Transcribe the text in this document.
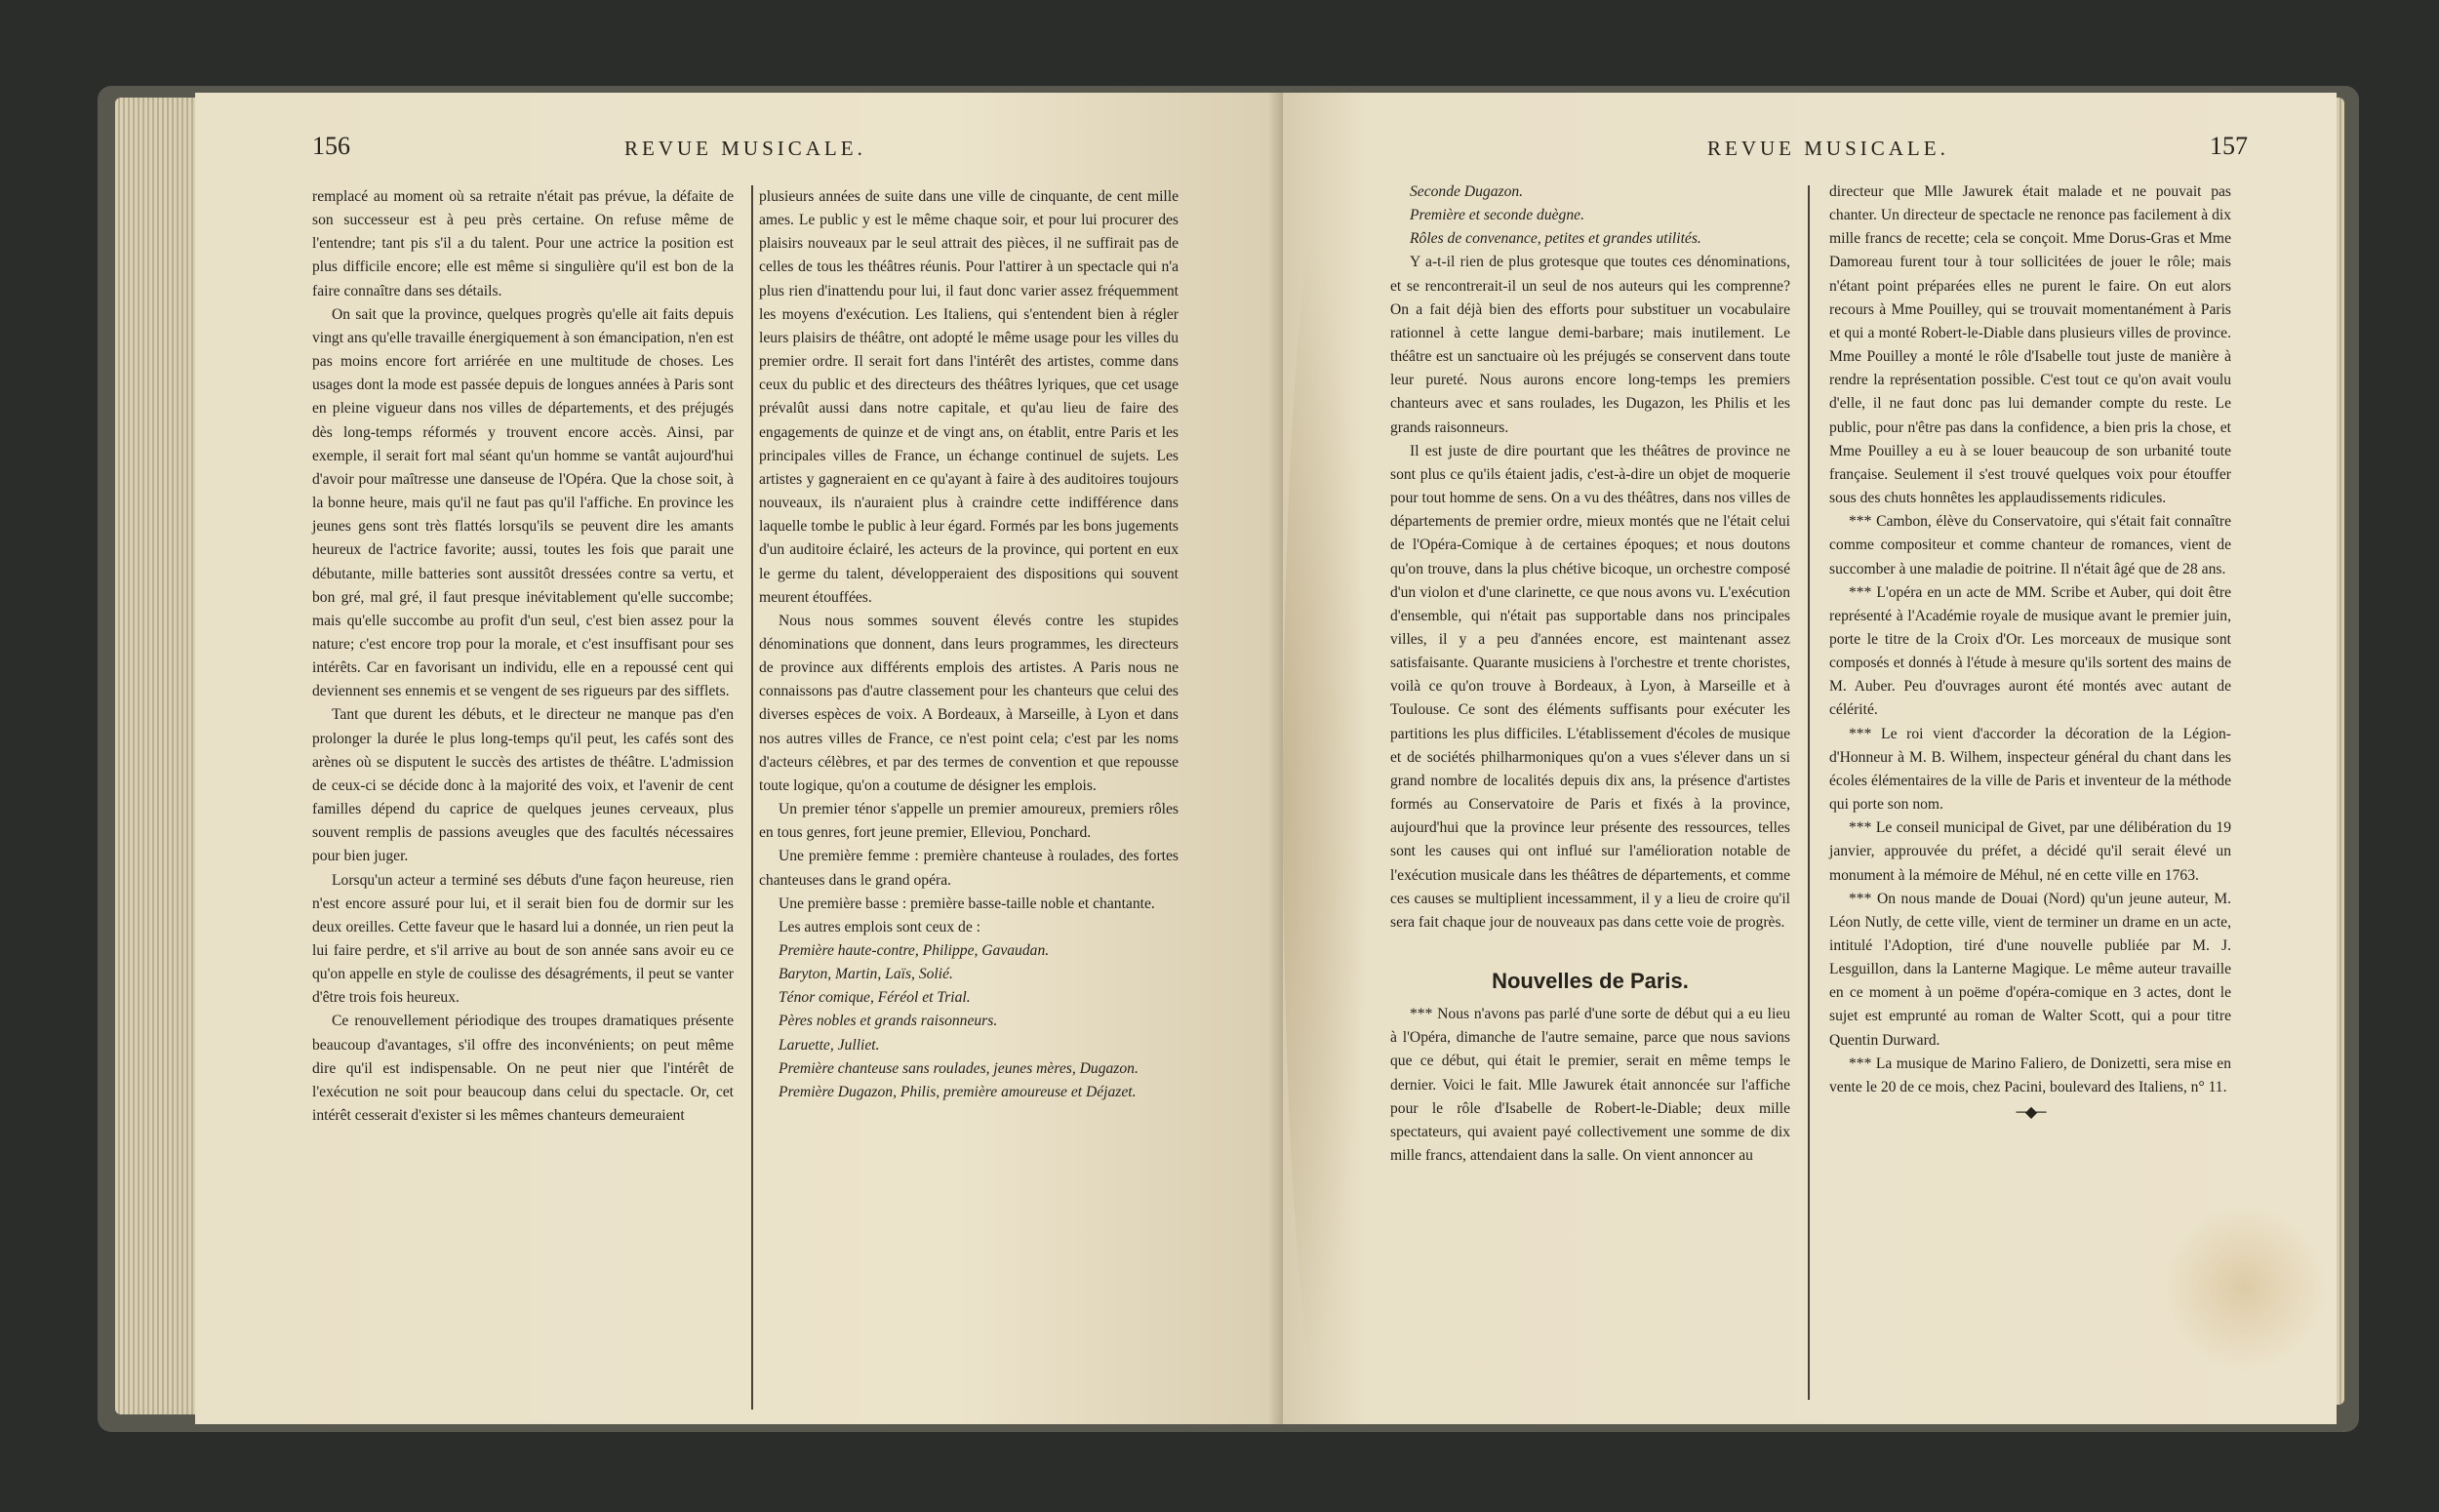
156	REVUE MUSICALE.

remplacé au moment où sa retraite n'était pas prévue, la défaite de son successeur est à peu près certaine. On refuse même de l'entendre; tant pis s'il a du talent. Pour une actrice la position est plus difficile encore; elle est même si singulière qu'il est bon de la faire connaître dans ses détails.

On sait que la province, quelques progrès qu'elle ait faits depuis vingt ans qu'elle travaille énergiquement à son émancipation, n'en est pas moins encore fort arriérée en une multitude de choses. Les usages dont la mode est passée depuis de longues années à Paris sont en pleine vigueur dans nos villes de départements, et des préjugés dès long-temps réformés y trouvent encore accès. Ainsi, par exemple, il serait fort mal séant qu'un homme se vantât aujourd'hui d'avoir pour maîtresse une danseuse de l'Opéra. Que la chose soit, à la bonne heure, mais qu'il ne faut pas qu'il l'affiche. En province les jeunes gens sont très flattés lorsqu'ils se peuvent dire les amants heureux de l'actrice favorite; aussi, toutes les fois que parait une débutante, mille batteries sont aussitôt dressées contre sa vertu, et bon gré, mal gré, il faut presque inévitablement qu'elle succombe; mais qu'elle succombe au profit d'un seul, c'est bien assez pour la nature; c'est encore trop pour la morale, et c'est insuffisant pour ses intérêts. Car en favorisant un individu, elle en a repoussé cent qui deviennent ses ennemis et se vengent de ses rigueurs par des sifflets.

Tant que durent les débuts, et le directeur ne manque pas d'en prolonger la durée le plus long-temps qu'il peut, les cafés sont des arènes où se disputent le succès des artistes de théâtre. L'admission de ceux-ci se décide donc à la majorité des voix, et l'avenir de cent familles dépend du caprice de quelques jeunes cerveaux, plus souvent remplis de passions aveugles que des facultés nécessaires pour bien juger.

Lorsqu'un acteur a terminé ses débuts d'une façon heureuse, rien n'est encore assuré pour lui, et il serait bien fou de dormir sur les deux oreilles. Cette faveur que le hasard lui a donnée, un rien peut la lui faire perdre, et s'il arrive au bout de son année sans avoir eu ce qu'on appelle en style de coulisse des désagréments, il peut se vanter d'être trois fois heureux.

Ce renouvellement périodique des troupes dramatiques présente beaucoup d'avantages, s'il offre des inconvénients; on peut même dire qu'il est indispensable. On ne peut nier que l'intérêt de l'exécution ne soit pour beaucoup dans celui du spectacle. Or, cet intérêt cesserait d'exister si les mêmes chanteurs demeuraient

plusieurs années de suite dans une ville de cinquante, de cent mille ames. Le public y est le même chaque soir, et pour lui procurer des plaisirs nouveaux par le seul attrait des pièces, il ne suffirait pas de celles de tous les théâtres réunis. Pour l'attirer à un spectacle qui n'a plus rien d'inattendu pour lui, il faut donc varier assez fréquemment les moyens d'exécution. Les Italiens, qui s'entendent bien à régler leurs plaisirs de théâtre, ont adopté le même usage pour les villes du premier ordre. Il serait fort dans l'intérêt des artistes, comme dans ceux du public et des directeurs des théâtres lyriques, que cet usage prévalût aussi dans notre capitale, et qu'au lieu de faire des engagements de quinze et de vingt ans, on établit, entre Paris et les principales villes de France, un échange continuel de sujets. Les artistes y gagneraient en ce qu'ayant à faire à des auditoires toujours nouveaux, ils n'auraient plus à craindre cette indifférence dans laquelle tombe le public à leur égard. Formés par les bons jugements d'un auditoire éclairé, les acteurs de la province, qui portent en eux le germe du talent, développeraient des dispositions qui souvent meurent étouffées.

Nous nous sommes souvent élevés contre les stupides dénominations que donnent, dans leurs programmes, les directeurs de province aux différents emplois des artistes. A Paris nous ne connaissons pas d'autre classement pour les chanteurs que celui des diverses espèces de voix. A Bordeaux, à Marseille, à Lyon et dans nos autres villes de France, ce n'est point cela; c'est par les noms d'acteurs célèbres, et par des termes de convention et que repousse toute logique, qu'on a coutume de désigner les emplois.

Un premier ténor s'appelle un premier amoureux, premiers rôles en tous genres, fort jeune premier, Elleviou, Ponchard.

Une première femme : première chanteuse à roulades, des fortes chanteuses dans le grand opéra.

Une première basse : première basse-taille noble et chantante.

Les autres emplois sont ceux de :

Première haute-contre, Philippe, Gavaudan.

Baryton, Martin, Laïs, Solié.

Ténor comique, Féréol et Trial.

Pères nobles et grands raisonneurs.

Laruette, Julliet.

Première chanteuse sans roulades, jeunes mères, Dugazon.

Première Dugazon, Philis, première amoureuse et Déjazet.

REVUE MUSICALE.	157

Seconde Dugazon.

Première et seconde duègne.

Rôles de convenance, petites et grandes utilités.

Y a-t-il rien de plus grotesque que toutes ces dénominations, et se rencontrerait-il un seul de nos auteurs qui les comprenne? On a fait déjà bien des efforts pour substituer un vocabulaire rationnel à cette langue demi-barbare; mais inutilement. Le théâtre est un sanctuaire où les préjugés se conservent dans toute leur pureté. Nous aurons encore long-temps les premiers chanteurs avec et sans roulades, les Dugazon, les Philis et les grands raisonneurs.

Il est juste de dire pourtant que les théâtres de province ne sont plus ce qu'ils étaient jadis, c'est-à-dire un objet de moquerie pour tout homme de sens. On a vu des théâtres, dans nos villes de départements de premier ordre, mieux montés que ne l'était celui de l'Opéra-Comique à de certaines époques; et nous doutons qu'on trouve, dans la plus chétive bicoque, un orchestre composé d'un violon et d'une clarinette, ce que nous avons vu. L'exécution d'ensemble, qui n'était pas supportable dans nos principales villes, il y a peu d'années encore, est maintenant assez satisfaisante. Quarante musiciens à l'orchestre et trente choristes, voilà ce qu'on trouve à Bordeaux, à Lyon, à Marseille et à Toulouse. Ce sont des éléments suffisants pour exécuter les partitions les plus difficiles. L'établissement d'écoles de musique et de sociétés philharmoniques qu'on a vues s'élever dans un si grand nombre de localités depuis dix ans, la présence d'artistes formés au Conservatoire de Paris et fixés à la province, aujourd'hui que la province leur présente des ressources, telles sont les causes qui ont influé sur l'amélioration notable de l'exécution musicale dans les théâtres de départements, et comme ces causes se multiplient incessamment, il y a lieu de croire qu'il sera fait chaque jour de nouveaux pas dans cette voie de progrès.

Nouvelles de Paris.

*** Nous n'avons pas parlé d'une sorte de début qui a eu lieu à l'Opéra, dimanche de l'autre semaine, parce que nous savions que ce début, qui était le premier, serait en même temps le dernier. Voici le fait. Mlle Jawurek était annoncée sur l'affiche pour le rôle d'Isabelle de Robert-le-Diable; deux mille spectateurs, qui avaient payé collectivement une somme de dix mille francs, attendaient dans la salle. On vient annoncer au

directeur que Mlle Jawurek était malade et ne pouvait pas chanter. Un directeur de spectacle ne renonce pas facilement à dix mille francs de recette; cela se conçoit. Mme Dorus-Gras et Mme Damoreau furent tour à tour sollicitées de jouer le rôle; mais n'étant point préparées elles ne purent le faire. On eut alors recours à Mme Pouilley, qui se trouvait momentanément à Paris et qui a monté Robert-le-Diable dans plusieurs villes de province. Mme Pouilley a monté le rôle d'Isabelle tout juste de manière à rendre la représentation possible. C'est tout ce qu'on avait voulu d'elle, il ne faut donc pas lui demander compte du reste. Le public, pour n'être pas dans la confidence, a bien pris la chose, et Mme Pouilley a eu à se louer beaucoup de son urbanité toute française. Seulement il s'est trouvé quelques voix pour étouffer sous des chuts honnêtes les applaudissements ridicules.

*** Cambon, élève du Conservatoire, qui s'était fait connaître comme compositeur et comme chanteur de romances, vient de succomber à une maladie de poitrine. Il n'était âgé que de 28 ans.

*** L'opéra en un acte de MM. Scribe et Auber, qui doit être représenté à l'Académie royale de musique avant le premier juin, porte le titre de la Croix d'Or. Les morceaux de musique sont composés et donnés à l'étude à mesure qu'ils sortent des mains de M. Auber. Peu d'ouvrages auront été montés avec autant de célérité.

*** Le roi vient d'accorder la décoration de la Légion-d'Honneur à M. B. Wilhem, inspecteur général du chant dans les écoles élémentaires de la ville de Paris et inventeur de la méthode qui porte son nom.

*** Le conseil municipal de Givet, par une délibération du 19 janvier, approuvée du préfet, a décidé qu'il serait élevé un monument à la mémoire de Méhul, né en cette ville en 1763.

*** On nous mande de Douai (Nord) qu'un jeune auteur, M. Léon Nutly, de cette ville, vient de terminer un drame en un acte, intitulé l'Adoption, tiré d'une nouvelle publiée par M. J. Lesguillon, dans la Lanterne Magique. Le même auteur travaille en ce moment à un poëme d'opéra-comique en 3 actes, dont le sujet est emprunté au roman de Walter Scott, qui a pour titre Quentin Durward.

*** La musique de Marino Faliero, de Donizetti, sera mise en vente le 20 de ce mois, chez Pacini, boulevard des Italiens, n° 11.

─◆─
